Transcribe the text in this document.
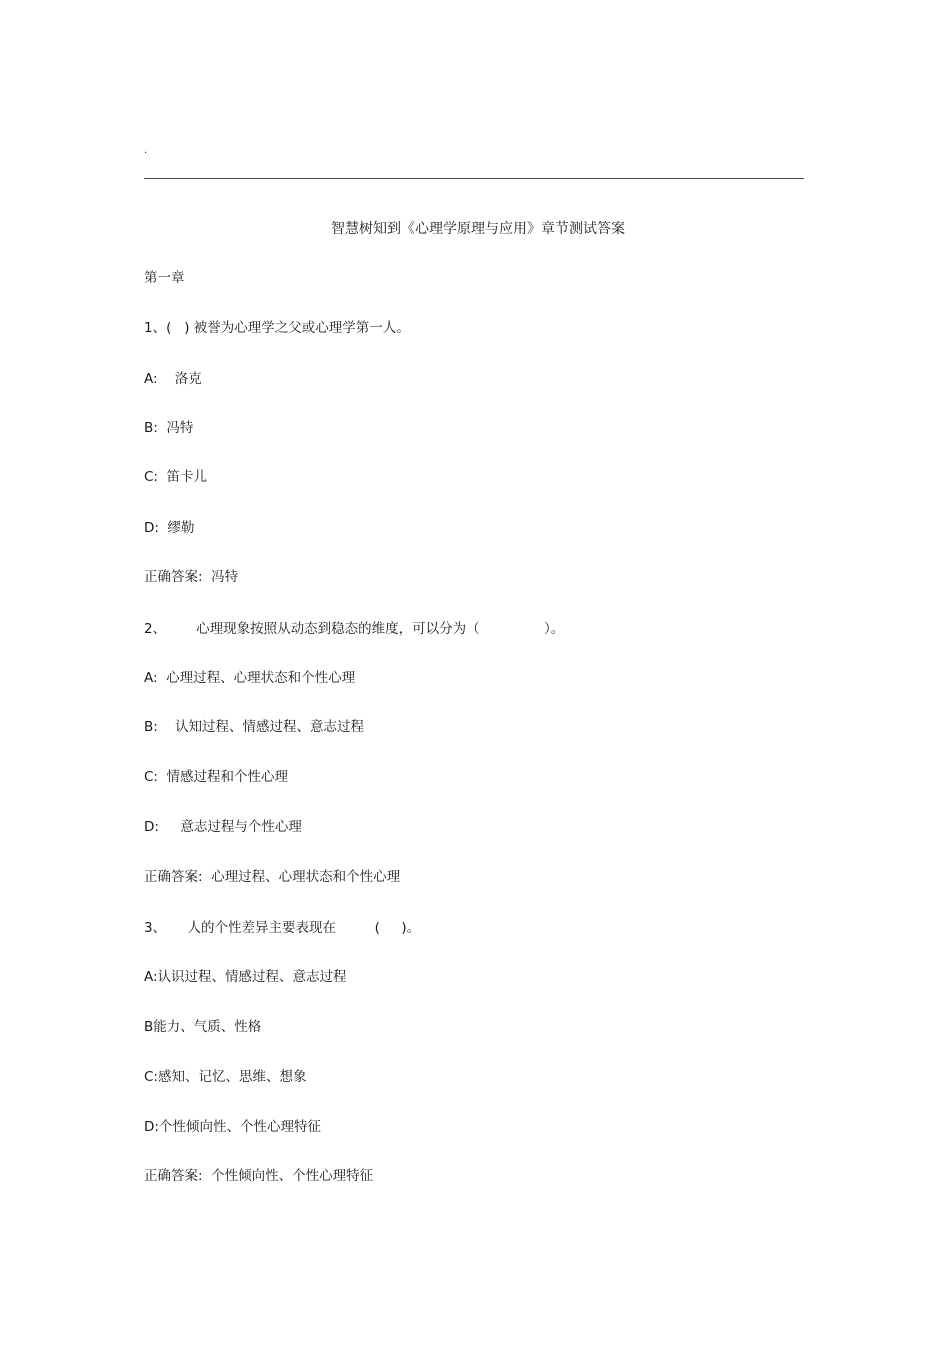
.
智慧树知到《心理学原理与应用》章节测试答案
第一章
1、(   ) 被誉为心理学之父或心理学第一人。
A:    洛克
B:  冯特
C:  笛卡儿
D:  缪勒
正确答案:  冯特
2、       心理现象按照从动态到稳态的维度，可以分为（               ）。
A:  心理过程、心理状态和个性心理
B:    认知过程、情感过程、意志过程
C:  情感过程和个性心理
D:     意志过程与个性心理
正确答案:  心理过程、心理状态和个性心理
3、     人的个性差异主要表现在         (     )。
A:认识过程、情感过程、意志过程
B能力、气质、性格
C:感知、记忆、思维、想象
D:个性倾向性、个性心理特征
正确答案:  个性倾向性、个性心理特征
